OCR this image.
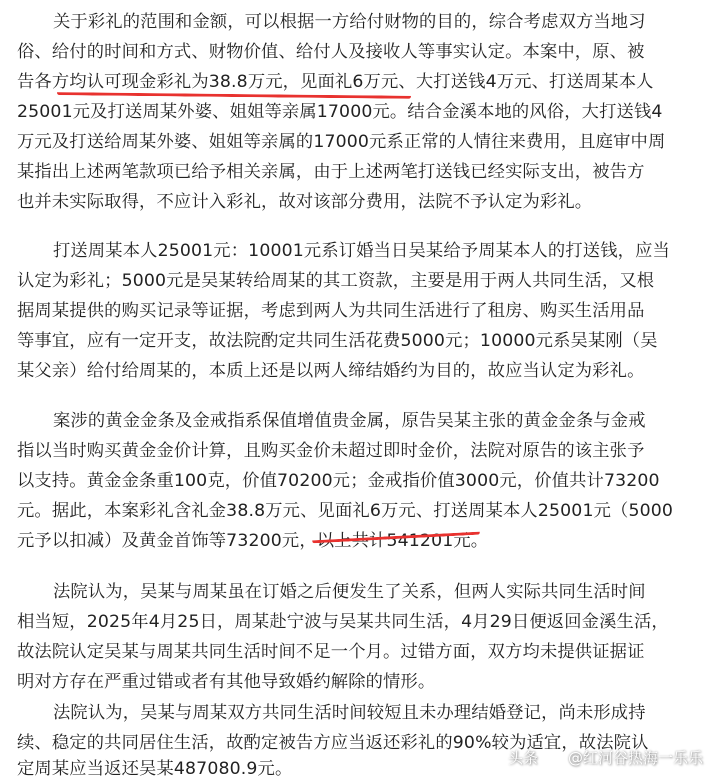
关于彩礼的范围和金额，可以根据一方给付财物的目的，综合考虑双方当地习
俗、给付的时间和方式、财物价值、给付人及接收人等事实认定。本案中，原、被
告各方均认可现金彩礼为38.8万元，见面礼6万元、大打送钱4万元、打送周某本人
25001元及打送周某外婆、姐姐等亲属17000元。结合金溪本地的风俗，大打送钱4
万元及打送给周某外婆、姐姐等亲属的17000元系正常的人情往来费用，且庭审中周
某指出上述两笔款项已给予相关亲属，由于上述两笔打送钱已经实际支出，被告方
也并未实际取得，不应计入彩礼，故对该部分费用，法院不予认定为彩礼。
打送周某本人25001元：10001元系订婚当日吴某给予周某本人的打送钱，应当
认定为彩礼；5000元是吴某转给周某的其工资款，主要是用于两人共同生活，又根
据周某提供的购买记录等证据，考虑到两人为共同生活进行了租房、购买生活用品
等事宜，应有一定开支，故法院酌定共同生活花费5000元；10000元系吴某刚（吴
某父亲）给付给周某的，本质上还是以两人缔结婚约为目的，故应当认定为彩礼。
案涉的黄金金条及金戒指系保值增值贵金属，原告吴某主张的黄金金条与金戒
指以当时购买黄金金价计算，且购买金价未超过即时金价，法院对原告的该主张予
以支持。黄金金条重100克，价值70200元；金戒指价值3000元，价值共计73200
元。据此，本案彩礼含礼金38.8万元、见面礼6万元、打送周某本人25001元（5000
元予以扣减）及黄金首饰等73200元，以上共计541201元。
法院认为，吴某与周某虽在订婚之后便发生了关系，但两人实际共同生活时间
相当短，2025年4月25日，周某赴宁波与吴某共同生活，4月29日便返回金溪生活，
故法院认定吴某与周某共同生活时间不足一个月。过错方面，双方均未提供证据证
明对方存在严重过错或者有其他导致婚约解除的情形。
法院认为，吴某与周某双方共同生活时间较短且未办理结婚登记，尚未形成持
续、稳定的共同居住生活，故酌定被告方应当返还彩礼的90%较为适宜，故法院认
定周某应当返还吴某487080.9元。
头条 @红河谷热海一乐乐
